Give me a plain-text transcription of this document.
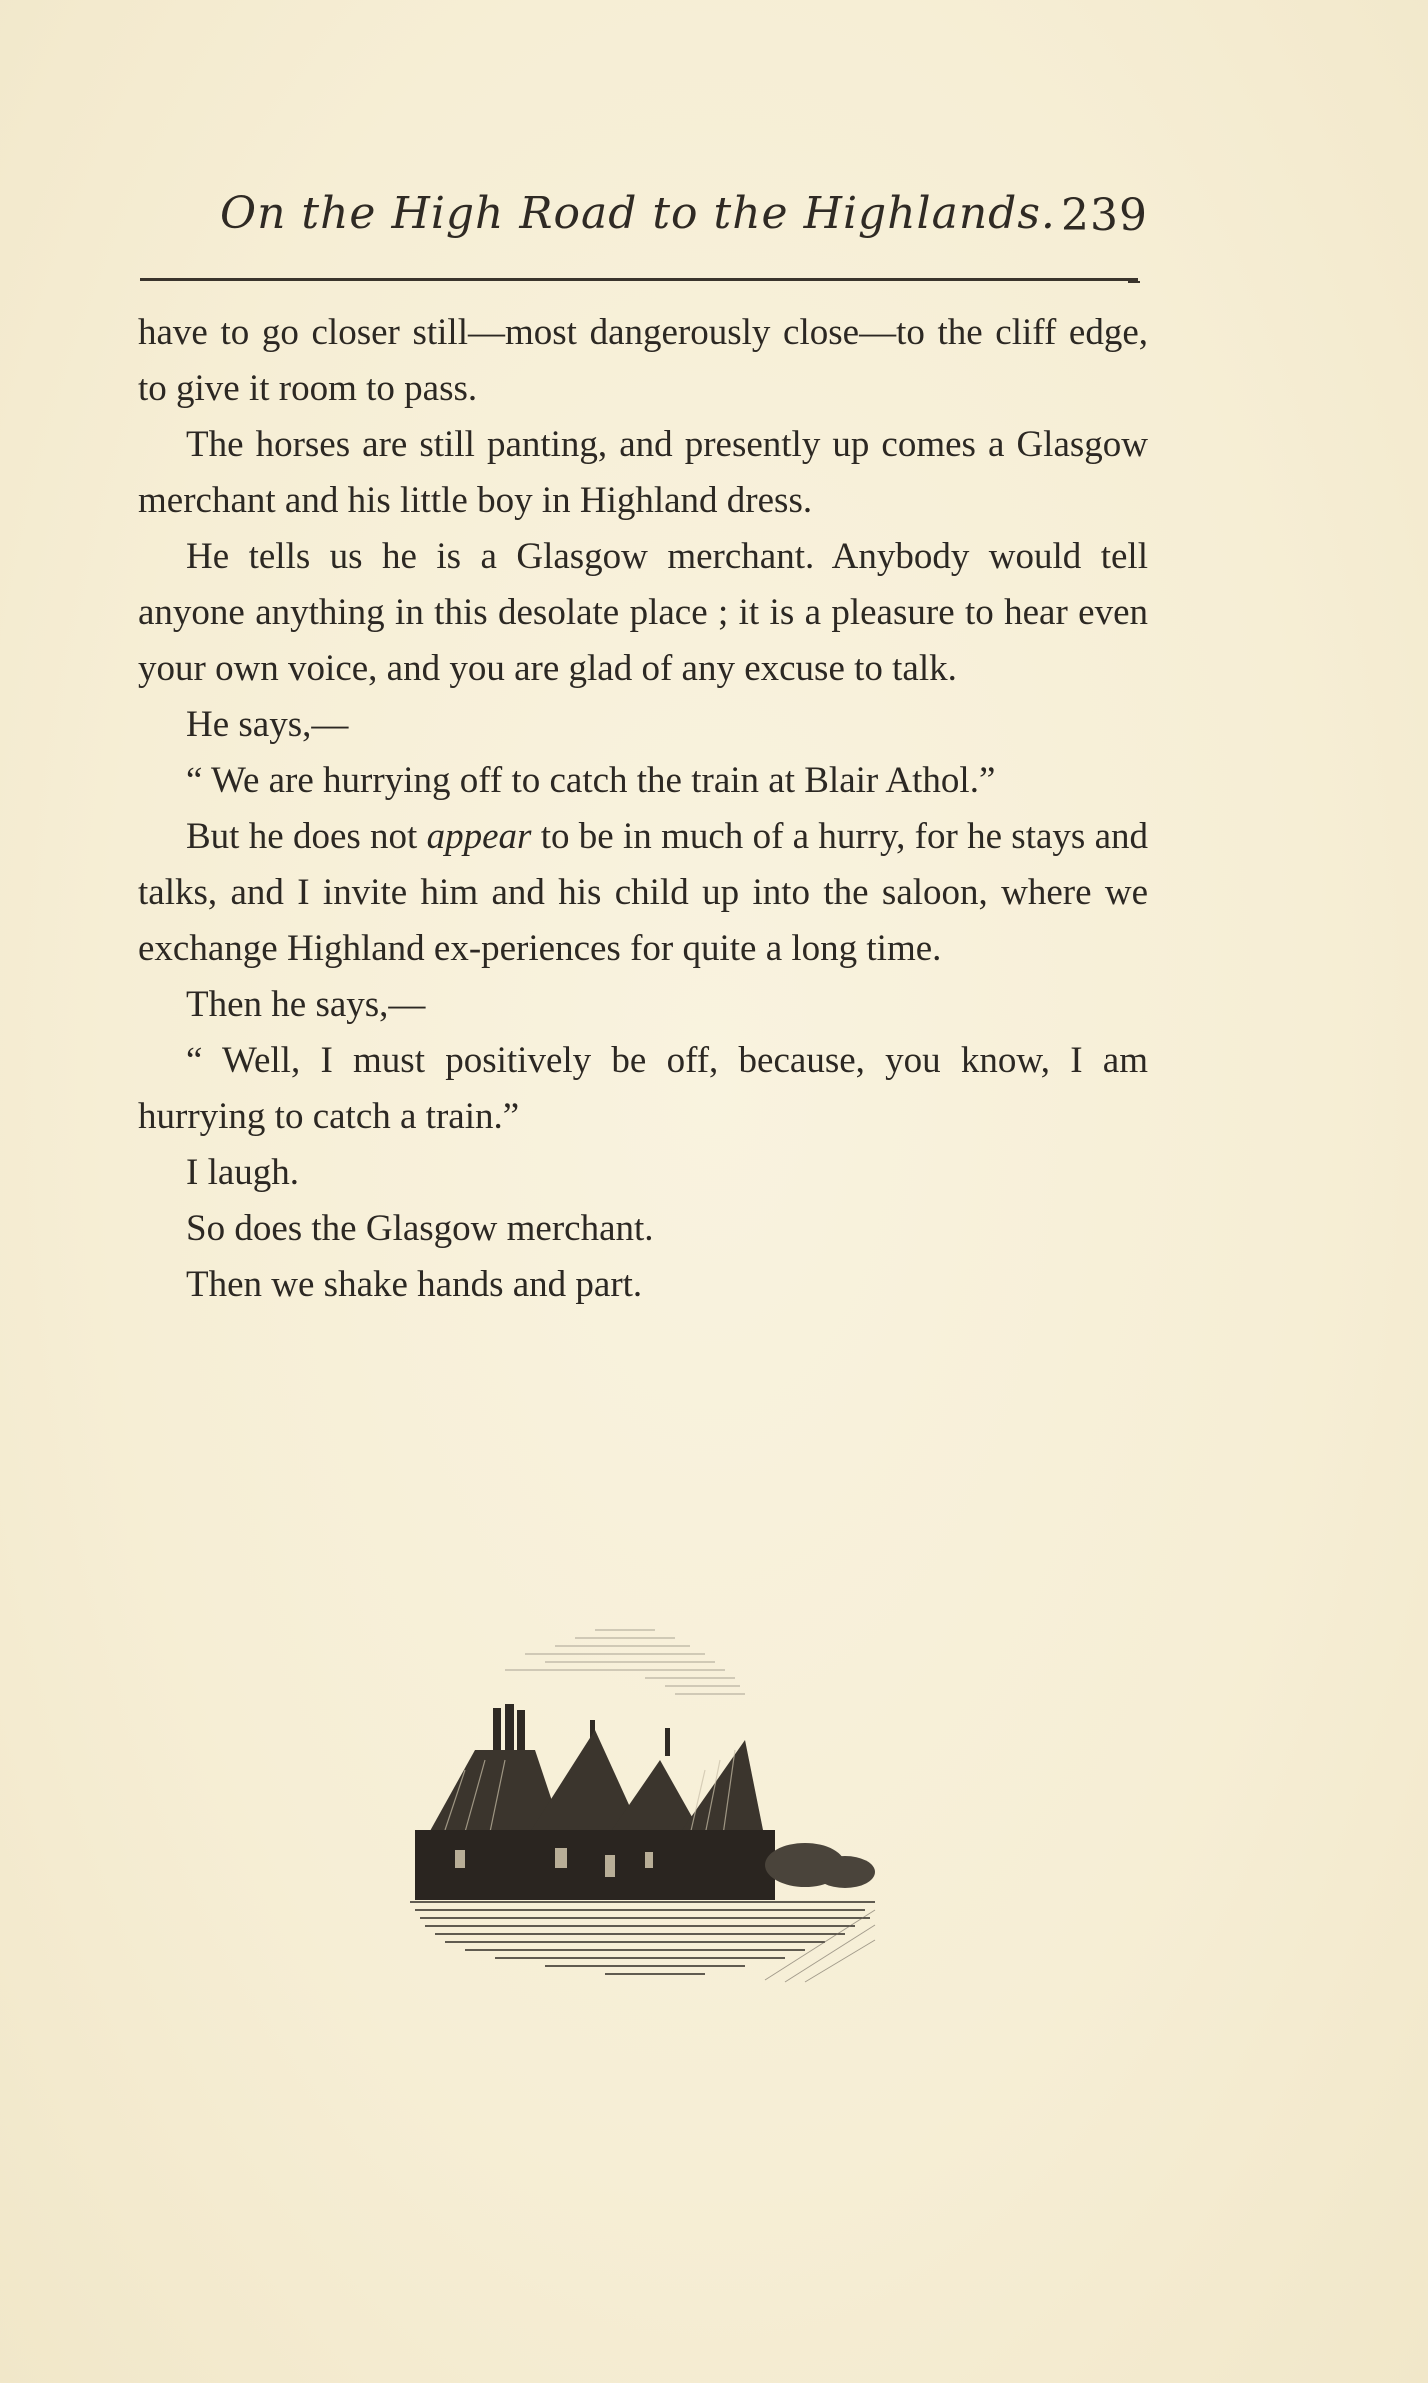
On the High Road to the Highlands. 239

have to go closer still—most dangerously close—to the cliff edge, to give it room to pass.

The horses are still panting, and presently up comes a Glasgow merchant and his little boy in Highland dress.

He tells us he is a Glasgow merchant. Anybody would tell anyone anything in this desolate place ; it is a pleasure to hear even your own voice, and you are glad of any excuse to talk.

He says,—

“ We are hurrying off to catch the train at Blair Athol.”

But he does not appear to be in much of a hurry, for he stays and talks, and I invite him and his child up into the saloon, where we exchange Highland ex-periences for quite a long time.

Then he says,—

“ Well, I must positively be off, because, you know, I am hurrying to catch a train.”

I laugh.

So does the Glasgow merchant.

Then we shake hands and part.
